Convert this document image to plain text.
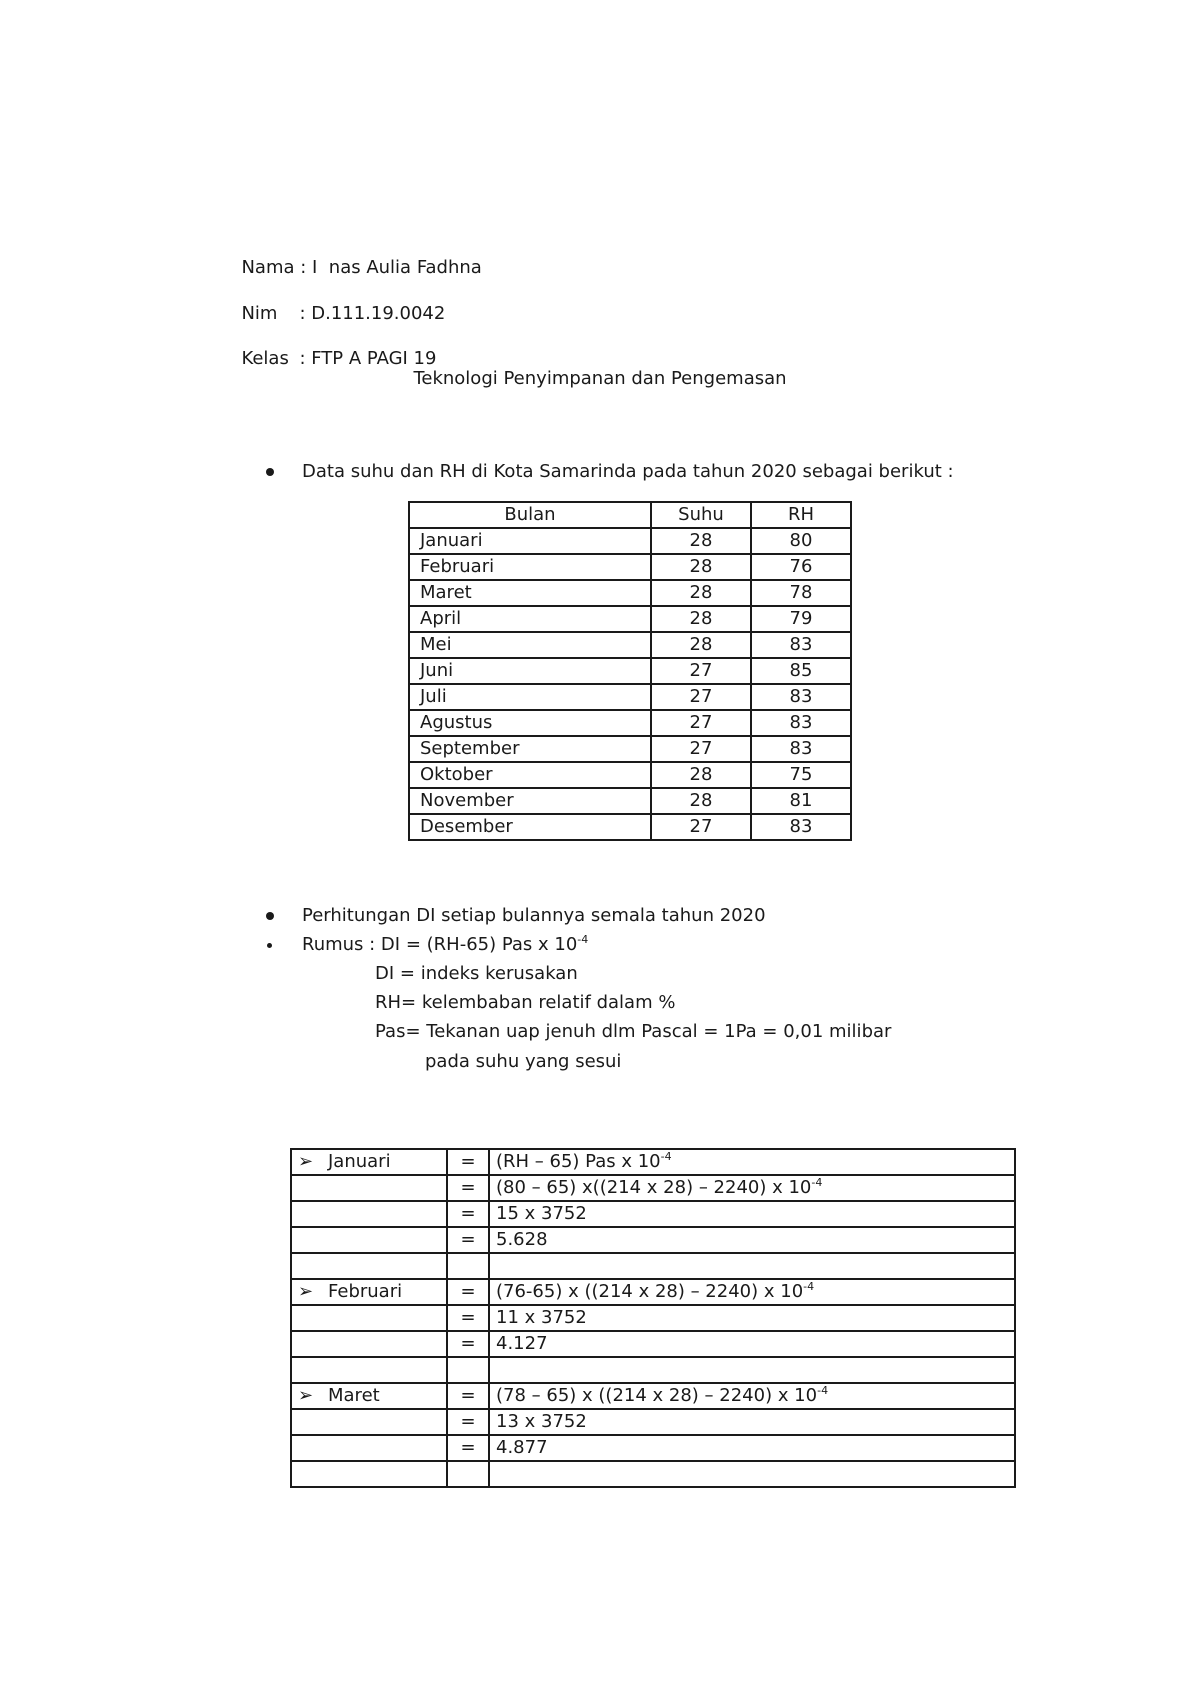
Nama : I  nas Aulia Fadhna

Nim : D.111.19.0042

Kelas : FTP A PAGI 19

Teknologi Penyimpanan dan Pengemasan
Data suhu dan RH di Kota Samarinda pada tahun 2020 sebagai berikut :
Bulan	Suhu	RH
Januari	28	80
Februari	28	76
Maret	28	78
April	28	79
Mei	28	83
Juni	27	85
Juli	27	83
Agustus	27	83
September	27	83
Oktober	28	75
November	28	81
Desember	27	83
Perhitungan DI setiap bulannya semala tahun 2020
Rumus : DI = (RH-65) Pas x $10^{-4}$
DI = indeks kerusakan
RH= kelembaban relatif dalam %
Pas= Tekanan uap jenuh dlm Pascal = 1Pa = 0,01 milibar
pada suhu yang sesui
➢ Januari	=	(RH – 65) Pas x $10^{-4}$
	=	(80 – 65) x((214 x 28) – 2240) x $10^{-4}$
	=	15 x 3752
	=	5.628

➢ Februari	=	(76-65) x ((214 x 28) – 2240) x $10^{-4}$
	=	11 x 3752
	=	4.127

➢ Maret	=	(78 – 65) x ((214 x 28) – 2240) x $10^{-4}$
	=	13 x 3752
	=	4.877
